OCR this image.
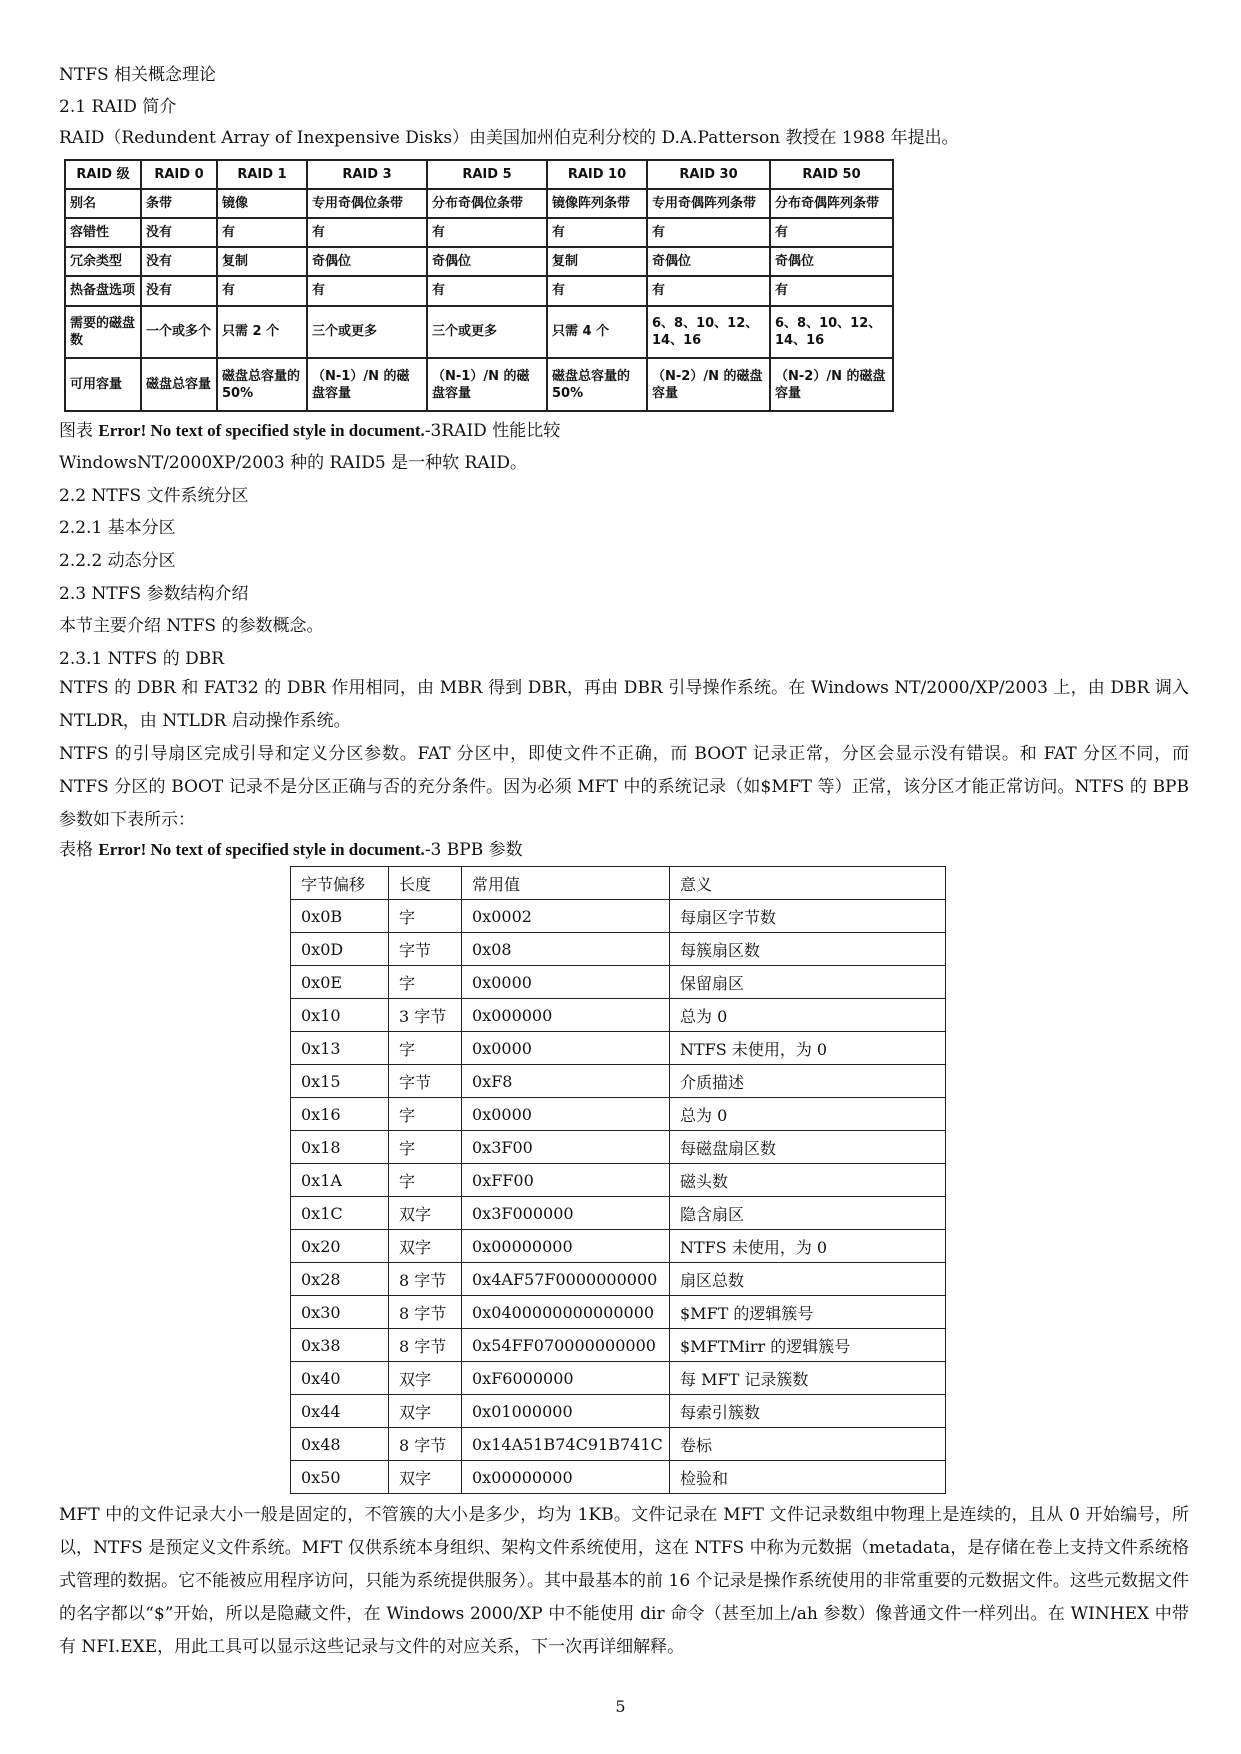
NTFS 相关概念理论
2.1 RAID 简介
RAID（Redundent Array of Inexpensive Disks）由美国加州伯克利分校的 D.A.Patterson 教授在 1988 年提出。
RAID 级	RAID 0	RAID 1	RAID 3	RAID 5	RAID 10	RAID 30	RAID 50
别名	条带	镜像	专用奇偶位条带	分布奇偶位条带	镜像阵列条带	专用奇偶阵列条带	分布奇偶阵列条带
容错性	没有	有	有	有	有	有	有
冗余类型	没有	复制	奇偶位	奇偶位	复制	奇偶位	奇偶位
热备盘选项	没有	有	有	有	有	有	有
需要的磁盘数	一个或多个	只需 2 个	三个或更多	三个或更多	只需 4 个	6、8、10、12、14、16	6、8、10、12、14、16
可用容量	磁盘总容量	磁盘总容量的 50%	（N-1）/N 的磁盘容量	（N-1）/N 的磁盘容量	磁盘总容量的 50%	（N-2）/N 的磁盘容量	（N-2）/N 的磁盘容量
图表 Error! No text of specified style in document.-3RAID 性能比较
WindowsNT/2000XP/2003 种的 RAID5 是一种软 RAID。
2.2 NTFS 文件系统分区
2.2.1 基本分区
2.2.2 动态分区
2.3 NTFS 参数结构介绍
本节主要介绍 NTFS 的参数概念。
2.3.1 NTFS 的 DBR
NTFS 的 DBR 和 FAT32 的 DBR 作用相同，由 MBR 得到 DBR，再由 DBR 引导操作系统。在 Windows NT/2000/XP/2003 上，由 DBR 调入 NTLDR，由 NTLDR 启动操作系统。
NTFS 的引导扇区完成引导和定义分区参数。FAT 分区中，即使文件不正确，而 BOOT 记录正常，分区会显示没有错误。和 FAT 分区不同，而 NTFS 分区的 BOOT 记录不是分区正确与否的充分条件。因为必须 MFT 中的系统记录（如$MFT 等）正常，该分区才能正常访问。NTFS 的 BPB 参数如下表所示：
表格 Error! No text of specified style in document.-3 BPB 参数
字节偏移	长度	常用值	意义
0x0B	字	0x0002	每扇区字节数
0x0D	字节	0x08	每簇扇区数
0x0E	字	0x0000	保留扇区
0x10	3 字节	0x000000	总为 0
0x13	字	0x0000	NTFS 未使用，为 0
0x15	字节	0xF8	介质描述
0x16	字	0x0000	总为 0
0x18	字	0x3F00	每磁盘扇区数
0x1A	字	0xFF00	磁头数
0x1C	双字	0x3F000000	隐含扇区
0x20	双字	0x00000000	NTFS 未使用，为 0
0x28	8 字节	0x4AF57F0000000000	扇区总数
0x30	8 字节	0x0400000000000000	$MFT 的逻辑簇号
0x38	8 字节	0x54FF070000000000	$MFTMirr 的逻辑簇号
0x40	双字	0xF6000000	每 MFT 记录簇数
0x44	双字	0x01000000	每索引簇数
0x48	8 字节	0x14A51B74C91B741C	卷标
0x50	双字	0x00000000	检验和
MFT 中的文件记录大小一般是固定的，不管簇的大小是多少，均为 1KB。文件记录在 MFT 文件记录数组中物理上是连续的，且从 0 开始编号，所以，NTFS 是预定义文件系统。MFT 仅供系统本身组织、架构文件系统使用，这在 NTFS 中称为元数据（metadata，是存储在卷上支持文件系统格式管理的数据。它不能被应用程序访问，只能为系统提供服务）。其中最基本的前 16 个记录是操作系统使用的非常重要的元数据文件。这些元数据文件的名字都以“$”开始，所以是隐藏文件，在 Windows 2000/XP 中不能使用 dir 命令（甚至加上/ah 参数）像普通文件一样列出。在 WINHEX 中带有 NFI.EXE，用此工具可以显示这些记录与文件的对应关系，下一次再详细解释。
5
